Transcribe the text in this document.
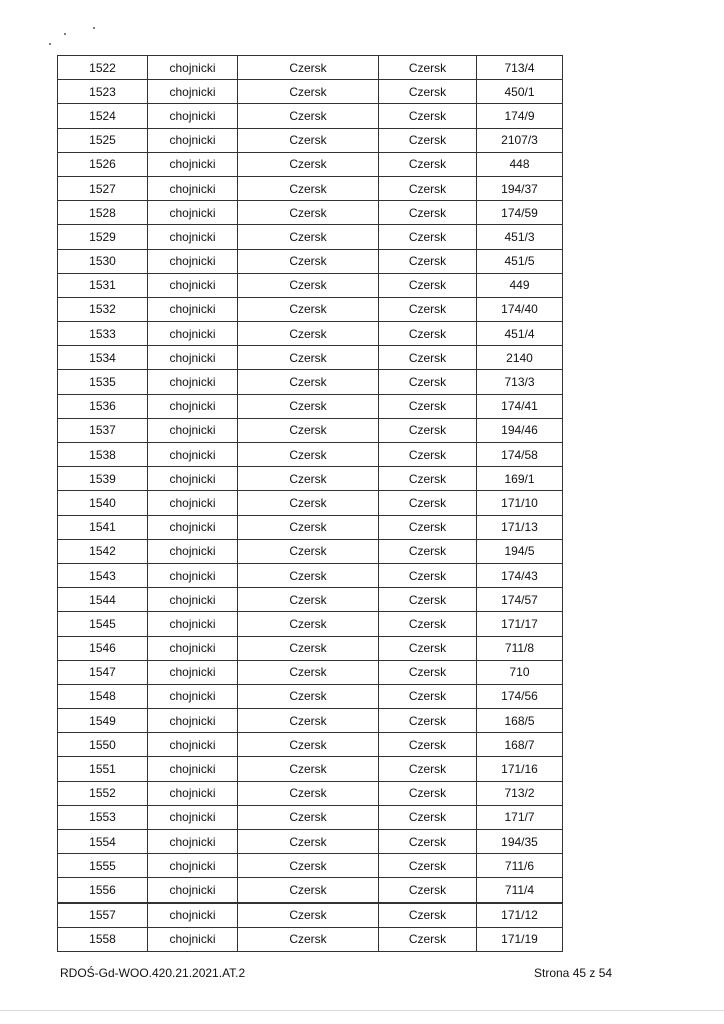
1522	chojnicki	Czersk	Czersk	713/4
1523	chojnicki	Czersk	Czersk	450/1
1524	chojnicki	Czersk	Czersk	174/9
1525	chojnicki	Czersk	Czersk	2107/3
1526	chojnicki	Czersk	Czersk	448
1527	chojnicki	Czersk	Czersk	194/37
1528	chojnicki	Czersk	Czersk	174/59
1529	chojnicki	Czersk	Czersk	451/3
1530	chojnicki	Czersk	Czersk	451/5
1531	chojnicki	Czersk	Czersk	449
1532	chojnicki	Czersk	Czersk	174/40
1533	chojnicki	Czersk	Czersk	451/4
1534	chojnicki	Czersk	Czersk	2140
1535	chojnicki	Czersk	Czersk	713/3
1536	chojnicki	Czersk	Czersk	174/41
1537	chojnicki	Czersk	Czersk	194/46
1538	chojnicki	Czersk	Czersk	174/58
1539	chojnicki	Czersk	Czersk	169/1
1540	chojnicki	Czersk	Czersk	171/10
1541	chojnicki	Czersk	Czersk	171/13
1542	chojnicki	Czersk	Czersk	194/5
1543	chojnicki	Czersk	Czersk	174/43
1544	chojnicki	Czersk	Czersk	174/57
1545	chojnicki	Czersk	Czersk	171/17
1546	chojnicki	Czersk	Czersk	711/8
1547	chojnicki	Czersk	Czersk	710
1548	chojnicki	Czersk	Czersk	174/56
1549	chojnicki	Czersk	Czersk	168/5
1550	chojnicki	Czersk	Czersk	168/7
1551	chojnicki	Czersk	Czersk	171/16
1552	chojnicki	Czersk	Czersk	713/2
1553	chojnicki	Czersk	Czersk	171/7
1554	chojnicki	Czersk	Czersk	194/35
1555	chojnicki	Czersk	Czersk	711/6
1556	chojnicki	Czersk	Czersk	711/4
1557	chojnicki	Czersk	Czersk	171/12
1558	chojnicki	Czersk	Czersk	171/19
RDOŚ-Gd-WOO.420.21.2021.AT.2	Strona 45 z 54
